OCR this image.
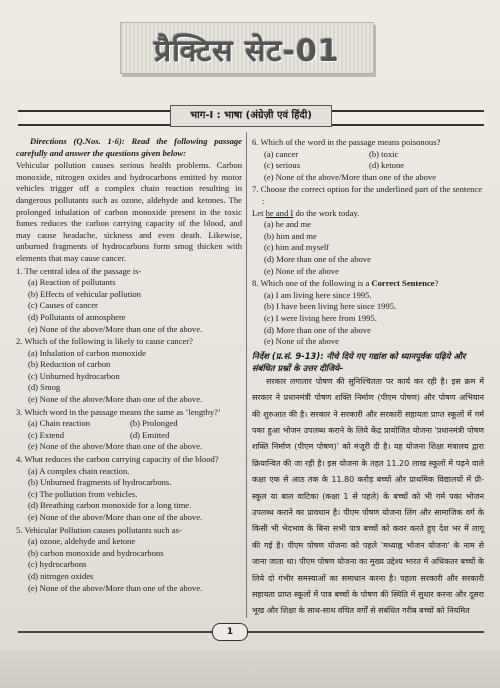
प्रैक्टिस सेट-01
भाग-I : भाषा (अंग्रेज़ी एवं हिंदी)
Directions (Q.Nos. 1-6): Read the following passage carefully and answer the questions given below:
Vehicular pollution causes serious health problems. Carbon monoxide, nitrogen oxides and hydrocarbons emitted by motor vehicles trigger off a complex chain reaction resulting in dangerous pollutants such as ozone, aldehyde and ketones. The prolonged inhalation of carbon monoxide present in the toxic fumes reduces the carbon carrying capacity of the blood, and may cause headache, sickness and even death. Likewise, unburned fragments of hydrocarbons form smog thicken with elements that may cause cancer.
1. The central idea of the passage is-
(a) Reaction of pollutants
(b) Effects of vehicular pollution
(c) Causes of cancer
(d) Pollutants of atmosphere
(e) None of the above/More than one of the above.
2. Which of the following is likely to cause cancer?
(a) Inhalation of carbon monoxide
(b) Reduction of carbon
(c) Unburned hydrocarbon
(d) Smog
(e) None of the above/More than one of the above.
3. Which word in the passage means the same as ‘lengthy?’
(a) Chain reaction	(b) Prolonged
(c) Extend	(d) Emitted
(e) None of the above/More than one of the above.
4. What reduces the carbon carrying capacity of the blood?
(a) A complex chain reaction.
(b) Unburned fragments of hydrocarbons.
(c) The pollution from vehicles.
(d) Breathing carbon monoxide for a long time.
(e) None of the above/More than one of the above.
5. Vehicular Pollution causes pollutants such as-
(a) ozone, aldehyde and ketone
(b) carbon monoxide and hydrocarbons
(c) hydrocarbons
(d) nitrogen oxides
(e) None of the above/More than one of the above.
6. Which of the word in the passage means poisonous?
(a) cancer	(b) toxic
(c) serious	(d) ketone
(e) None of the above/More than one of the above
7. Choose the correct option for the underlined part of the sentence :
Let he and I do the work today.
(a) he and me
(b) him and me
(c) him and myself
(d) More than one of the above
(e) None of the above
8. Which one of the following is a Correct Sentence?
(a) I am living here since 1995.
(b) I have been living here since 1995.
(c) I were living here from 1995.
(d) More than one of the above
(e) None of the above
निर्देश (प्र.सं. 9-13): नीचे दिये गए गद्यांश को ध्यानपूर्वक पढ़िये और संबंधित प्रश्नों के उत्तर दीजिये–
सरकार लगातार पोषण की सुनिश्चितता पर कार्य कर रही है। इस क्रम में सरकार ने प्रधानमंत्री पोषण शक्ति निर्माण (पीएम पोषण) और पोषण अभियान की शुरुआत की है। सरकार ने सरकारी और सरकारी सहायता प्राप्त स्कूलों में गर्म पका हुआ भोजन उपलब्ध कराने के लिये केंद्र प्रायोजित योजना 'प्रधानमंत्री पोषण शक्ति निर्माण (पीएम पोषण)' को मंजूरी दी है। यह योजना शिक्षा मंत्रालय द्वारा क्रियान्वित की जा रही है। इस योजना के तहत 11.20 लाख स्कूलों में पढ़ने वाले कक्षा एक से आठ तक के 11.80 करोड़ बच्चों और प्राथमिक विद्यालयों में प्री-स्कूल या बाल वाटिका (कक्षा 1 से पहले) के बच्चों को भी गर्म पका भोजन उपलब्ध कराने का प्रावधान है। पीएम पोषण योजना लिंग और सामाजिक वर्ग के किसी भी भेदभाव के बिना सभी पात्र बच्चों को कवर करते हुए देश भर में लागू की गई है। पीएम पोषण योजना को पहले 'मध्याह्न भोजन योजना' के नाम से जाना जाता था। पीएम पोषण योजना का मुख्य उद्देश्य भारत में अधिकतर बच्चों के लिये दो गंभीर समस्याओं का समाधान करना है। पहला सरकारी और सरकारी सहायता प्राप्त स्कूलों में पात्र बच्चों के पोषण की स्थिति में सुधार करना और दूसरा भूख और शिक्षा के साथ-साथ वंचित वर्गों से संबंधित गरीब बच्चों को नियमित
1
